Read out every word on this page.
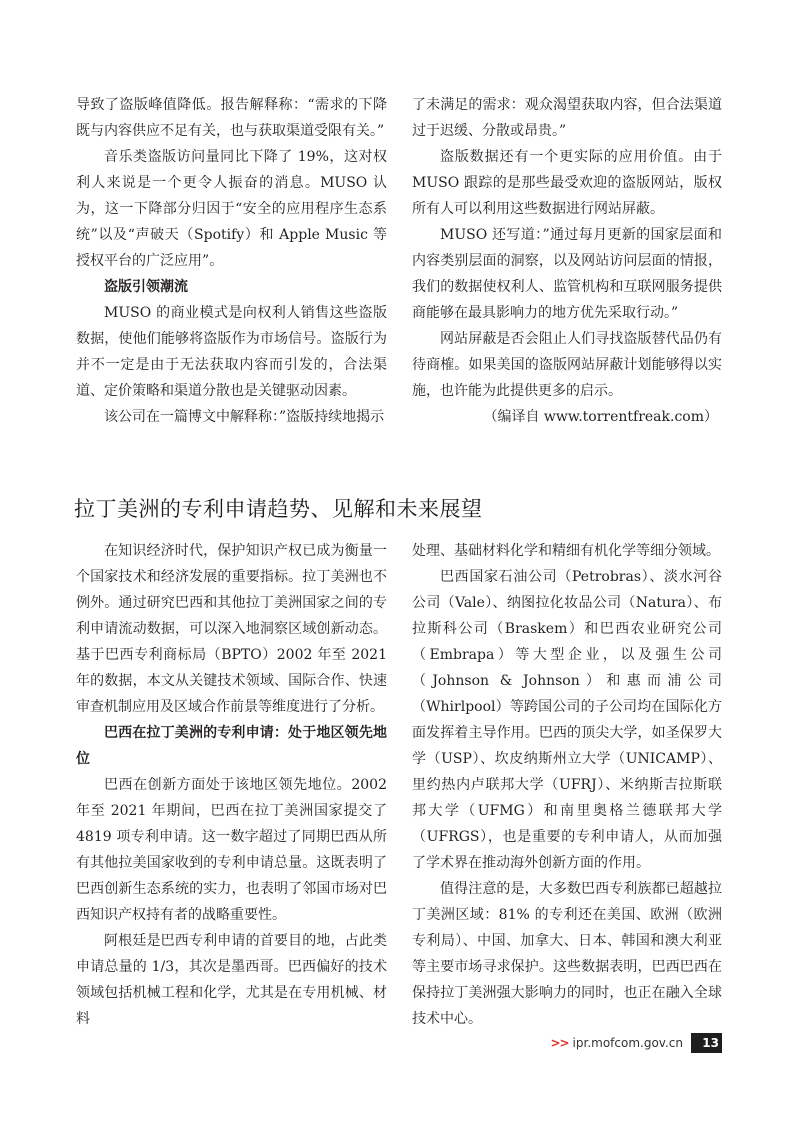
导致了盗版峰值降低。报告解释称：“需求的下降既与内容供应不足有关，也与获取渠道受限有关。”

音乐类盗版访问量同比下降了 19%，这对权利人来说是一个更令人振奋的消息。MUSO 认为，这一下降部分归因于“安全的应用程序生态系统”以及“声破天（Spotify）和 Apple Music 等授权平台的广泛应用”。

盗版引领潮流

MUSO 的商业模式是向权利人销售这些盗版数据，使他们能够将盗版作为市场信号。盗版行为并不一定是由于无法获取内容而引发的，合法渠道、定价策略和渠道分散也是关键驱动因素。

该公司在一篇博文中解释称：”盗版持续地揭示

了未满足的需求：观众渴望获取内容，但合法渠道过于迟缓、分散或昂贵。”

盗版数据还有一个更实际的应用价值。由于 MUSO 跟踪的是那些最受欢迎的盗版网站，版权所有人可以利用这些数据进行网站屏蔽。

MUSO 还写道：”通过每月更新的国家层面和内容类别层面的洞察，以及网站访问层面的情报，我们的数据使权利人、监管机构和互联网服务提供商能够在最具影响力的地方优先采取行动。”

网站屏蔽是否会阻止人们寻找盗版替代品仍有待商榷。如果美国的盗版网站屏蔽计划能够得以实施，也许能为此提供更多的启示。

（编译自 www.torrentfreak.com）

拉丁美洲的专利申请趋势、见解和未来展望

在知识经济时代，保护知识产权已成为衡量一个国家技术和经济发展的重要指标。拉丁美洲也不例外。通过研究巴西和其他拉丁美洲国家之间的专利申请流动数据，可以深入地洞察区域创新动态。基于巴西专利商标局（BPTO）2002 年至 2021 年的数据，本文从关键技术领域、国际合作、快速审查机制应用及区域合作前景等维度进行了分析。

巴西在拉丁美洲的专利申请：处于地区领先地位

巴西在创新方面处于该地区领先地位。2002 年至 2021 年期间，巴西在拉丁美洲国家提交了 4819 项专利申请。这一数字超过了同期巴西从所有其他拉美国家收到的专利申请总量。这既表明了巴西创新生态系统的实力，也表明了邻国市场对巴西知识产权持有者的战略重要性。

阿根廷是巴西专利申请的首要目的地，占此类申请总量的 1/3，其次是墨西哥。巴西偏好的技术领域包括机械工程和化学，尤其是在专用机械、材料

处理、基础材料化学和精细有机化学等细分领域。

巴西国家石油公司（Petrobras）、淡水河谷公司（Vale）、纳图拉化妆品公司（Natura）、布拉斯科公司（Braskem）和巴西农业研究公司（Embrapa）等大型企业，以及强生公司（Johnson & Johnson）和惠而浦公司（Whirlpool）等跨国公司的子公司均在国际化方面发挥着主导作用。巴西的顶尖大学，如圣保罗大学（USP）、坎皮纳斯州立大学（UNICAMP）、里约热内卢联邦大学（UFRJ）、米纳斯吉拉斯联邦大学（UFMG）和南里奥格兰德联邦大学（UFRGS），也是重要的专利申请人，从而加强了学术界在推动海外创新方面的作用。

值得注意的是，大多数巴西专利族都已超越拉丁美洲区域：81% 的专利还在美国、欧洲（欧洲专利局）、中国、加拿大、日本、韩国和澳大利亚等主要市场寻求保护。这些数据表明，巴西巴西在保持拉丁美洲强大影响力的同时，也正在融入全球技术中心。

>> ipr.mofcom.gov.cn	13
